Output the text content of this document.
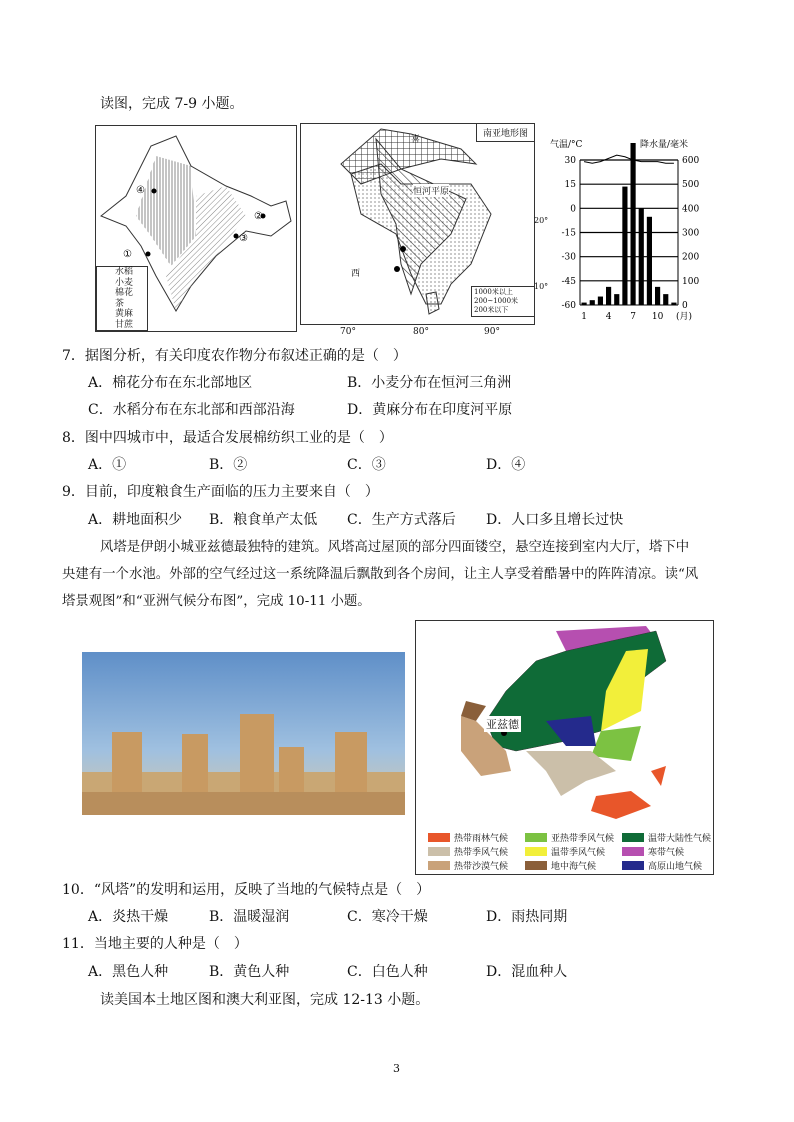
读图，完成 7-9 小题。
④
①
②
③
水稻
小麦
棉花
茶
黄麻
甘蔗
南亚地形图
恒河平原
喜
西
1000米以上
200~1000米
200米以下
70°	80°	90°
20°
10°
气温/°C	降水量/毫米
30	600
15	500
0	400
-15	300
-30	200
-45	100
-60	0
1 4 7 10 (月)
7．据图分析，有关印度农作物分布叙述正确的是（　）
A．棉花分布在东北部地区	B．小麦分布在恒河三角洲
C．水稻分布在东北部和西部沿海	D．黄麻分布在印度河平原
8．图中四城市中，最适合发展棉纺织工业的是（　）
A．①	B．②	C．③	D．④
9．目前，印度粮食生产面临的压力主要来自（　）
A．耕地面积少 B．粮食单产太低 C．生产方式落后 D．人口多且增长过快
风塔是伊朗小城亚兹德最独特的建筑。风塔高过屋顶的部分四面镂空，悬空连接到室内大厅，塔下中
央建有一个水池。外部的空气经过这一系统降温后飘散到各个房间，让主人享受着酷暑中的阵阵清凉。读“风
塔景观图”和“亚洲气候分布图”，完成 10-11 小题。
亚兹德
热带雨林气候	亚热带季风气候	温带大陆性气候
热带季风气候	温带季风气候	寒带气候
热带沙漠气候	地中海气候	高原山地气候
10．“风塔”的发明和运用，反映了当地的气候特点是（　）
A．炎热干燥	B．温暖湿润	C．寒冷干燥	D．雨热同期
11．当地主要的人种是（　）
A．黑色人种	B．黄色人种	C．白色人种	D．混血种人
读美国本土地区图和澳大利亚图，完成 12-13 小题。
3
